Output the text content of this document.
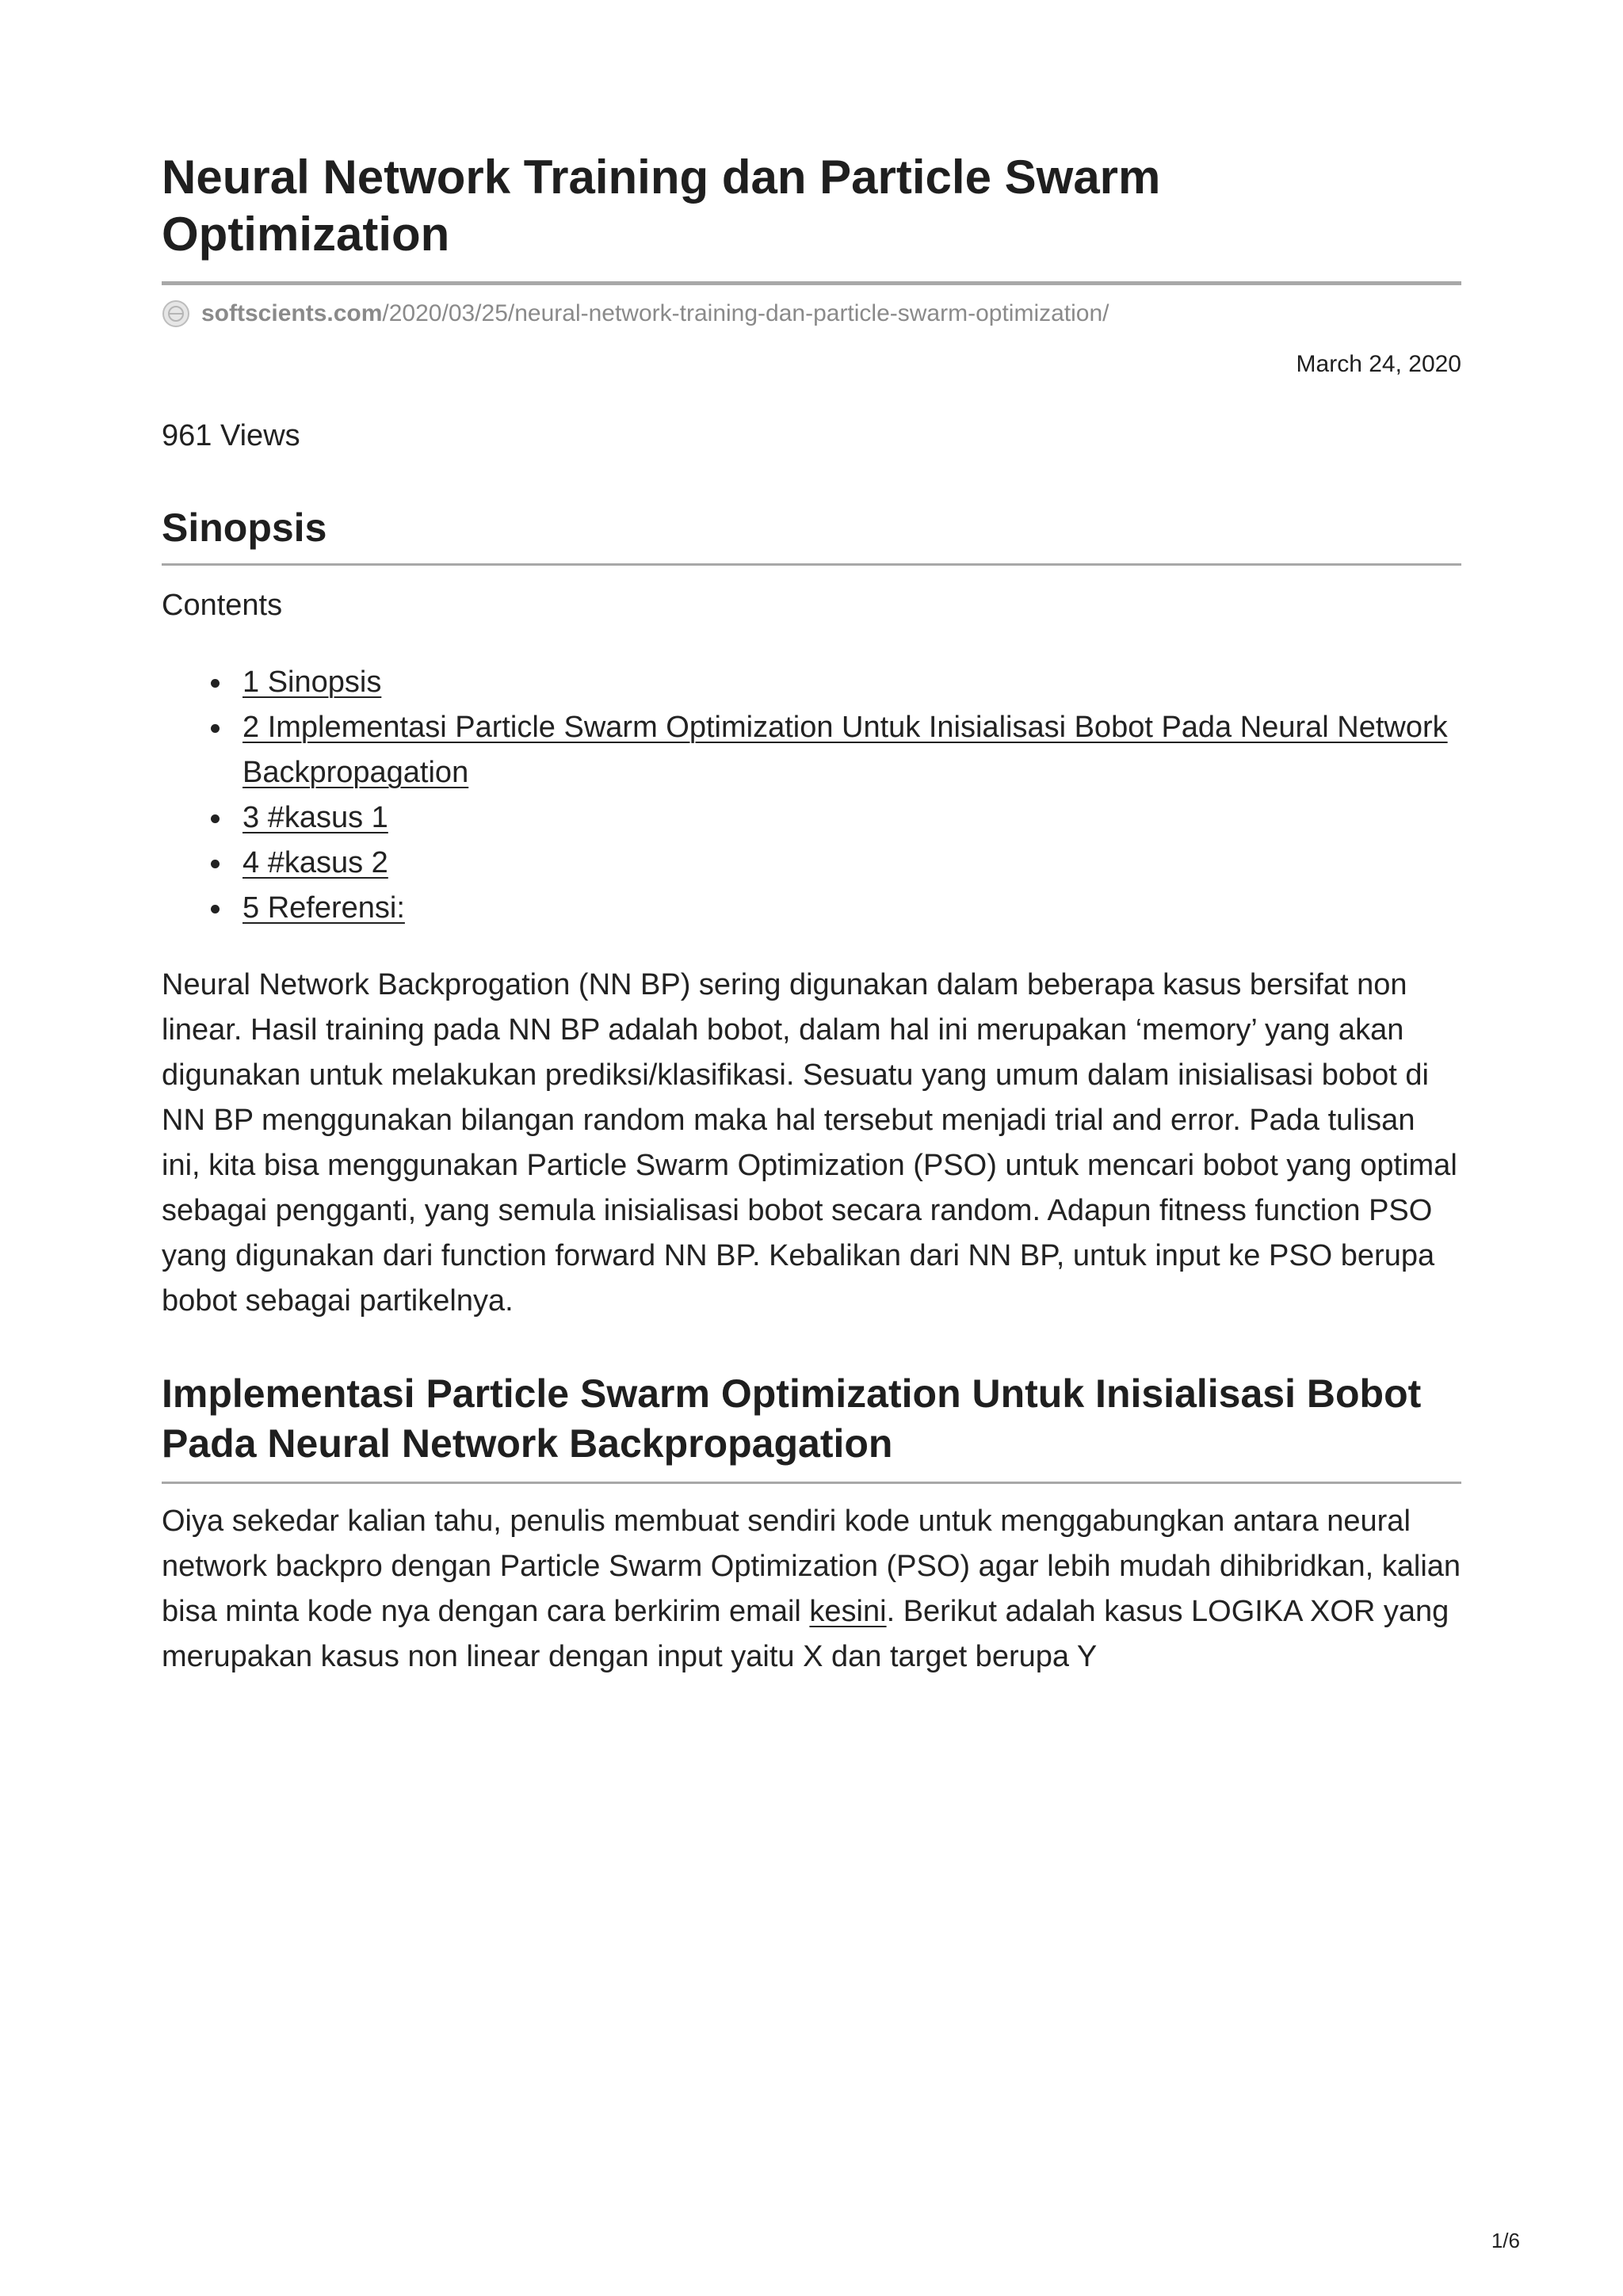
Neural Network Training dan Particle Swarm Optimization
softscients.com /2020/03/25/neural-network-training-dan-particle-swarm-optimization/
March 24, 2020
961 Views
Sinopsis
Contents
1 Sinopsis
2 Implementasi Particle Swarm Optimization Untuk Inisialisasi Bobot Pada Neural Network Backpropagation
3 #kasus 1
4 #kasus 2
5 Referensi:

Neural Network Backprogation (NN BP) sering digunakan dalam beberapa kasus bersifat non linear. Hasil training pada NN BP adalah bobot, dalam hal ini merupakan ‘memory’ yang akan digunakan untuk melakukan prediksi/klasifikasi. Sesuatu yang umum dalam inisialisasi bobot di NN BP menggunakan bilangan random maka hal tersebut menjadi trial and error. Pada tulisan ini, kita bisa menggunakan Particle Swarm Optimization (PSO) untuk mencari bobot yang optimal sebagai pengganti, yang semula inisialisasi bobot secara random. Adapun fitness function PSO yang digunakan dari function forward NN BP. Kebalikan dari NN BP, untuk input ke PSO berupa bobot sebagai partikelnya.

Implementasi Particle Swarm Optimization Untuk Inisialisasi Bobot Pada Neural Network Backpropagation

Oiya sekedar kalian tahu, penulis membuat sendiri kode untuk menggabungkan antara neural network backpro dengan Particle Swarm Optimization (PSO) agar lebih mudah dihibridkan, kalian bisa minta kode nya dengan cara berkirim email kesini. Berikut adalah kasus LOGIKA XOR yang merupakan kasus non linear dengan input yaitu X dan target berupa Y

1/6
